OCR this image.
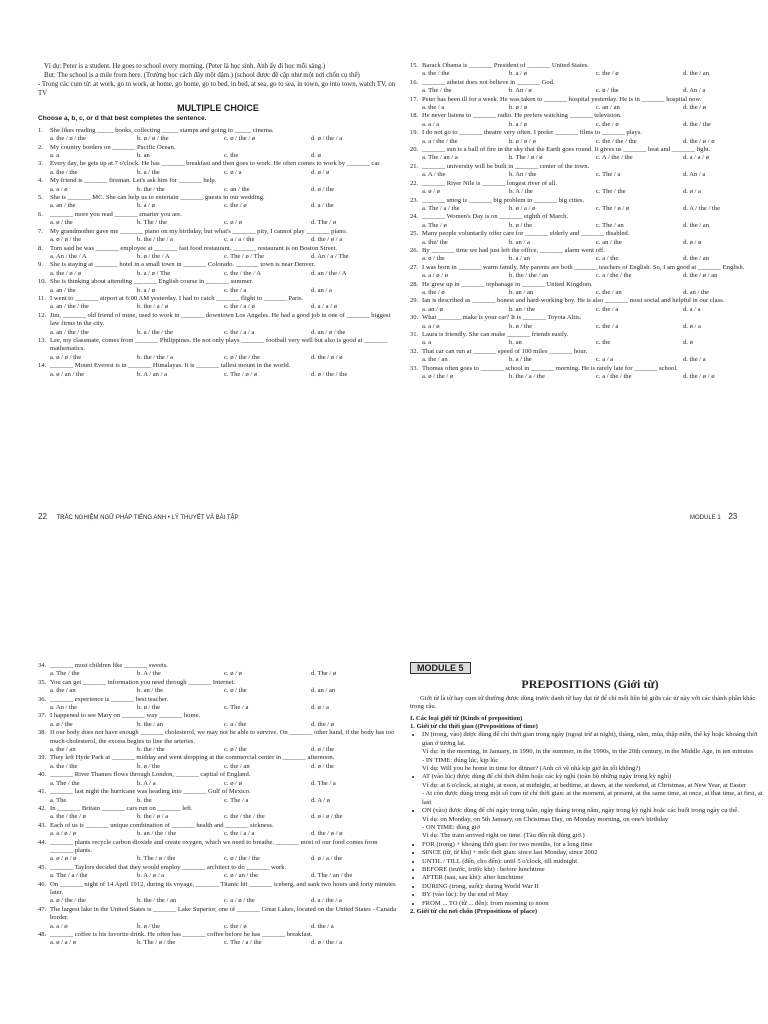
Ví dụ: Peter is a student. He goes to school every morning. (Peter là học sinh. Anh ấy đi học mỗi sáng.)
But: The school is a mile from here. (Trường học cách đây một dặm.) (school được đề cập như một nơi chốn cụ thể)
- Trong các cụm từ: at work, go to work, at home, go home, go to bed, in bed, at sea, go to sea, in town, go into town, watch TV, on TV
MULTIPLE CHOICE
Choose a, b, c, or d that best completes the sentence.
1.	She likes reading _____ books, collecting _____ stamps and going to _____ cinema.
a. the / ø / the	b. ø / ø / the	c. ø / the / ø	d. ø / the / a
2.	My country borders on _______ Pacific Ocean.
a. a	b. an	c. the	d. ø
3.	Every day, he gets up at 7 o'clock. He has _______ breakfast and then goes to work. He often comes to work by _______ car.
a. the / the	b. a / the	c. ø / a	d. ø / ø
4.	My friend is _______ fireman. Let's ask him for _______ help.
a. a / ø	b. the / the	c. an / the	d. ø / the
5.	She is _______ MC. She can help us to entertain _______ guests in our wedding.
a. an / the	b. a / ø	c. the / ø	d. a / the
6.	_______ more you read _______ smarter you are.
a. ø / the	b. The / the	c. ø / ø	d. The / ø
7.	My grandmother gave me _______ piano on my birthday, but what's _______ pity, I cannot play _______ piano.
a. ø / ø / the	b. the / the / a	c. a / a / the	d. the / ø / a
8.	Tom said he was _______ employee at _______ fast food restaurant. _______ restaurant is on Boston Street.
a. An / the / A	b. ø / the / A	c. The / ø / The	d. An / a / The
9.	She is staying at _______ hotel in a small town in _______ Colorado. _______ town is near Denver.
a. the / ø / ø	b. a / ø / The	c. the / the / A	d. an / the / A
10. She is thinking about attending _______ English course in _______ summer.
a. an / the	b. a / ø	c. the / a	d. an / a
11. I went to _______ airport at 6:00 AM yesterday. I had to catch _______ flight to _______ Paris.
a. an / the / the	b. the / a / ø	c. the / a / ø	d. a / a / ø
12. Jim, _______ old friend of mine, used to work in _______ downtown Los Angeles. He had a good job in one of _______ biggest law firms in the city.
a. an / the / the	b. a / the / the	c. the / a / a	d. an / ø / the
13. Lee, my classmate, comes from _______ Philippines. He not only plays _______ football very well but also is good at _______ mathematics.
a. ø / ø / the	b. the / the / a	c. ø / the / the	d. the / ø / ø
14. _______ Mount Everest is in _______ Himalayas. It is _______ tallest mount in the world.
a. ø / an / the	b. A / an / a	c. The / ø / ø	d. ø / the / the
22 TRẮC NGHIỆM NGỮ PHÁP TIẾNG ANH • LÝ THUYẾT VÀ BÀI TẬP
15. Barack Obama is _______ President of _______ United States.
a. the / the	b. a / ø	c. the / ø	d. the / an
16. _______ atheist does not believe in _______ God.
a. The / the	b. An / ø	c. ø / the	d. An / a
17. Peter has been ill for a week. He was taken to _______ hospital yesterday. He is in _______ hospital now.
a. the / a	b. ø / ø	c. an / an	d. the / ø
18. He never listens to _______ radio. He prefers watching _______ television.
a. a / a	b. a / ø	c. the / ø	d. the / the
19. I do not go to _______ theatre very often. I prefer _______ films to _______ plays.
a. a / the / the	b. ø / ø / ø	c. the / the / the	d. the / ø / ø
20. _______ sun is a ball of fire in the sky that the Earth goes round. It gives us _______ heat and _______ light.
a. The / an / a	b. The / ø / ø	c. A / the / the	d. a / a / ø
21. _______ university will be built in _______ center of the town.
a. A / the	b. An / the	c. The / a	d. An / a
22. _______ River Nile is _______ longest river of all.
a. ø / ø	b. A / the	c. The / the	d. ø / a
23. _______ smog is _______ big problem in _______ big cities.
a. The / a / the	b. ø / a / ø	c. The / ø / ø	d. A / the / the
24. _______ Women's Day is on _______ eighth of March.
a. The / ø	b. ø / the	c. The / an	d. the / an
25. Many people voluntarily offer care for _______ elderly and _______ disabled.
a. the/ the	b. an / a	c. an / the	d. ø / ø
26. By _______ time we had just left the office, _______ alarm went off.
a. ø / the	b. a / an	c. a / the	d. the / an
27. I was born in _______ warm family. My parents are both _______ teachers of English. So, I am good at _______ English.
a. a / ø / ø	b. the / the / an	c. a / the / the	d. the / ø / an
28. He grew up in _______ orphanage in _______ United Kingdom.
a. the / ø	b. an / an	c. the / an	d. an / the
29. Ian is described as _______ honest and hard-working boy. He is also _______ most social and helpful in our class.
a. an / ø	b. an / the	c. the / a	d. a / a
30. What _______ make is your car? It is _______ Toyota Altis.
a. a / ø	b. ø / the	c. the / a	d. ø / a
31. Laura is friendly. She can make _______ friends easily.
a. a	b. an	c. the	d. ø
32. That car can run at _______ speed of 100 miles _______ hour.
a. the / an	b. a / the	c. a / a	d. the / a
33. Thomas often goes to _______ school in _______ morning. He is rarely late for _______ school.
a. ø / the / ø	b. the / a / the	c. a / the / the	d. the / ø / ø
MODULE 1 23
34. _______ most children like _______ sweets.
a. The / the	b. A / the	c. ø / ø	d. The / ø
35. You can get _______ information you need through _______ Internet.
a. the / an	b. an / the	c. ø / the	d. an / an
36. _______ experience is _______ best teacher.
a. An / the	b. ø / the	c. The / a	d. ø / a
37. I happened to see Mary on _______ way _______ home.
a. ø / the	b. the / an	c. a / the	d. the / ø
38. If our body does not have enough _______ cholesterol, we may not be able to survive. On _______ other hand, if the body has too much cholesterol, the excess begins to line the arteries.
a. the / an	b. the / the	c. ø / the	d. ø / the
39. They left Hyde Park at _______ midday and went shopping at the commercial center in _______ afternoon.
a. the / the	b. ø / the	c. the / an	d. ø / the
40. _______ River Thames flows through London, _______ capital of England.
a. The / the	b. A / a	c. ø / ø	d. The / a
41. _______ last night the hurricane was heading into _______ Gulf of Mexico.
a. The	b. the	c. The / a	d. A / ø
42. In _______ Britain _______ cars run on _______ left.
a. the / the / ø	b. the / ø / a	c. the / the / the	d. ø / ø / the
43. Each of us is _______ unique combination of _______ health and _______ sickness.
a. a / ø / ø	b. an / the / the	c. the / a / a	d. the / ø / ø
44. _______ plants recycle carbon dioxide and create oxygen, which we need to breathe. _______ most of our food comes from _______ plants.
a. ø / ø / ø	b. The / ø / the	c. ø / the / the	d. ø / a / the
45. _______ Taylors decided that they would employ _______ architect to do _______ work.
a. The / a / the	b. A / ø / a	c. ø / an / the	d. The / an / the
46. On _______ night of 14 April 1912, during its voyage, _______ Titanic hit _______ iceberg, and sank two hours and forty minutes later.
a. ø / the / the	b. the / the / an	c. a / ø / the	d. a / the / a
47. The largest lake in the United States is _______ Lake Superior, one of _______ Great Lakes, located on the United States - Canada border.
a. a / ø	b. ø / the	c. the / ø	d. the / a
48. _______ coffee is his favorite drink. He often has _______ coffee before he has _______ breakfast.
a. ø / a / ø	b. The / ø / the	c. The / a / the	d. ø / the / a
MODULE 5
PREPOSITIONS (Giới từ)
Giới từ là từ hay cụm từ thường được dùng trước danh từ hay đại từ để chỉ mối liên hệ giữa các từ này với các thành phần khác trong câu.
I. Các loại giới từ (Kinds of preposition)
1. Giới từ chỉ thời gian ((Prepositions of time)
• IN (trong, vào) được dùng để chỉ thời gian trong ngày (ngoại trừ at night), tháng, năm, mùa, thập niên, thế kỷ hoặc khoảng thời gian ở tương lai.
Ví dụ: in the morning, in January, in 1990, in the summer, in the 1990s, in the 20th century, in the Middle Age, in ten minutes
- IN TIME: đúng lúc, kịp lúc
Ví dụ: Will you be home in time for dinner? (Anh có về nhà kịp giờ ăn tối không?)
• AT (vào lúc) được dùng để chỉ thời điểm hoặc các kỳ nghỉ (toàn bộ những ngày trong kỳ nghỉ)
Ví dụ: at 6 o'clock, at night, at noon, at midnight, at bedtime, at dawn, at the weekend, at Christmas, at New Year, at Easter
- At còn được dùng trong một số cụm từ chỉ thời gian: at the moment, at present, at the same time, at once, at that time, at first, at last
• ON (vào) được dùng để chỉ ngày trong tuần, ngày tháng trong năm, ngày trong kỳ nghỉ hoặc các buổi trong ngày cụ thể.
Ví dụ: on Monday, on 5th January, on Christmas Day, on Monday morning, on one's birthday
- ON TIME: đúng giờ
Ví dụ: The train arrived right on time. (Tàu đến rất đúng giờ.)
• FOR (trong) + khoảng thời gian: for two months, for a long time
• SINCE (từ, từ khi) + mốc thời gian: since last Monday, since 2002
• UNTIL / TILL (đến, cho đến): until 5 o'clock, till midnight
• BEFORE (trước, trước khi) : before lunchtime
• AFTER (sau, sau khi): after lunchtime
• DURING (trong, suốt): during World War II
• BY (vào lúc): by the end of May
• FROM ... TO (từ ... đến): from morning to noon
2. Giới từ chỉ nơi chốn (Prepositions of place)
